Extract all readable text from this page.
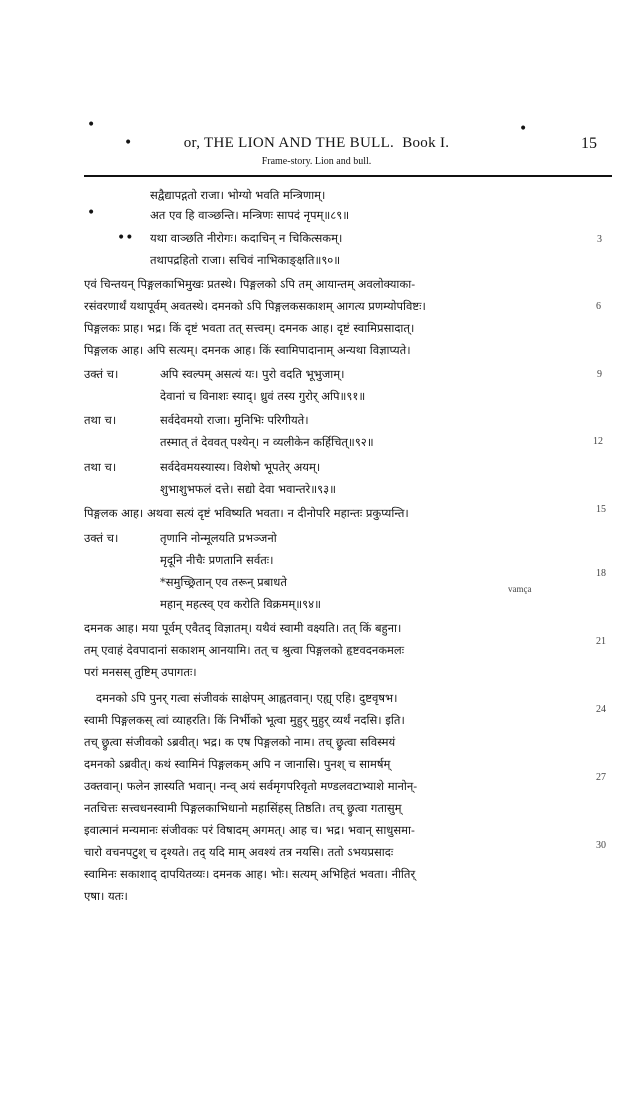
•
•
•
or, THE LION AND THE BULL. Book I.	15
Frame-story. Lion and bull.
सद्वैद्यापद्गतो राजा। भोग्यो भवति मन्त्रिणाम्।
•	अत एव हि वाञ्छन्ति। मन्त्रिणः सापदं नृपम्॥८९॥
•• यथा वाञ्छति नीरोगः। कदाचिन् न चिकित्सकम्।	3
तथापद्रहितो राजा। सचिवं नाभिकाङ्क्षति॥९०॥
एवं चिन्तयन् पिङ्गलकाभिमुखः प्रतस्थे। पिङ्गलको ऽपि तम् आयान्तम् अवलोक्याका-
रसंवरणार्थं यथापूर्वम् अवतस्थे। दमनको ऽपि पिङ्गलकसकाशम् आगत्य प्रणम्योपविष्टः।	6
पिङ्गलकः प्राह। भद्र। किं दृष्टं भवता तत् सत्त्वम्। दमनक आह। दृष्टं स्वामिप्रसादात्।
पिङ्गलक आह। अपि सत्यम्। दमनक आह। किं स्वामिपादानाम् अन्यथा विज्ञाप्यते।
उक्तं च।	अपि स्वल्पम् असत्यं यः। पुरो वदति भूभुजाम्।	9
देवानां च विनाशः स्याद्। ध्रुवं तस्य गुरोर् अपि॥९१॥
तथा च।	सर्वदेवमयो राजा। मुनिभिः परिगीयते।
तस्मात् तं देववत् पश्येन्। न व्यलीकेन कर्हिचित्॥९२॥	12
तथा च।	सर्वदेवमयस्यास्य। विशेषो भूपतेर् अयम्।
शुभाशुभफलं दत्ते। सद्यो देवा भवान्तरे॥९३॥
पिङ्गलक आह। अथवा सत्यं दृष्टं भविष्यति भवता। न दीनोपरि महान्तः प्रकुप्यन्ति।	15
उक्तं च।	तृणानि नोन्मूलयति प्रभञ्जनो
मृदूनि नीचैः प्रणतानि सर्वतः।
18
*समुच्छ्रितान् एव तरून् प्रबाधते	vamça
महान् महत्स्व् एव करोति विक्रमम्॥९४॥
दमनक आह। मया पूर्वम् एवैतद् विज्ञातम्। यथैवं स्वामी वक्ष्यति। तत् किं बहुना।
तम् एवाहं देवपादानां सकाशम् आनयामि। तत् च श्रुत्वा पिङ्गलको हृष्टवदनकमलः
21
परां मनसस् तुष्टिम् उपागतः।
दमनको ऽपि पुनर् गत्वा संजीवकं साक्षेपम् आह्वतवान्। एह्य् एहि। दुष्टवृषभ।
स्वामी पिङ्गलकस् त्वां व्याहरति। किं निर्भीको भूत्वा मुहुर् मुहुर् व्यर्थं नदसि। इति।
24
तच् छ्रुत्वा संजीवको ऽब्रवीत्। भद्र। क एष पिङ्गलको नाम। तच् छ्रुत्वा सविस्मयं
दमनको ऽब्रवीत्। कथं स्वामिनं पिङ्गलकम् अपि न जानासि। पुनश् च सामर्षम्
उक्तवान्। फलेन ज्ञास्यति भवान्। नन्व् अयं सर्वमृगपरिवृतो मण्डलवटाभ्याशे मानोन्-
27
नतचित्तः सत्त्वधनस्वामी पिङ्गलकाभिधानो महासिंहस् तिष्ठति। तच् छ्रुत्वा गतासुम्
इवात्मानं मन्यमानः संजीवकः परं विषादम् अगमत्। आह च। भद्र। भवान् साधुसमा-
चारो वचनपटुश् च दृश्यते। तद् यदि माम् अवश्यं तत्र नयसि। ततो ऽभयप्रसादः	30
स्वामिनः सकाशाद् दापयितव्यः। दमनक आह। भोः। सत्यम् अभिहितं भवता। नीतिर्
एषा। यतः।
